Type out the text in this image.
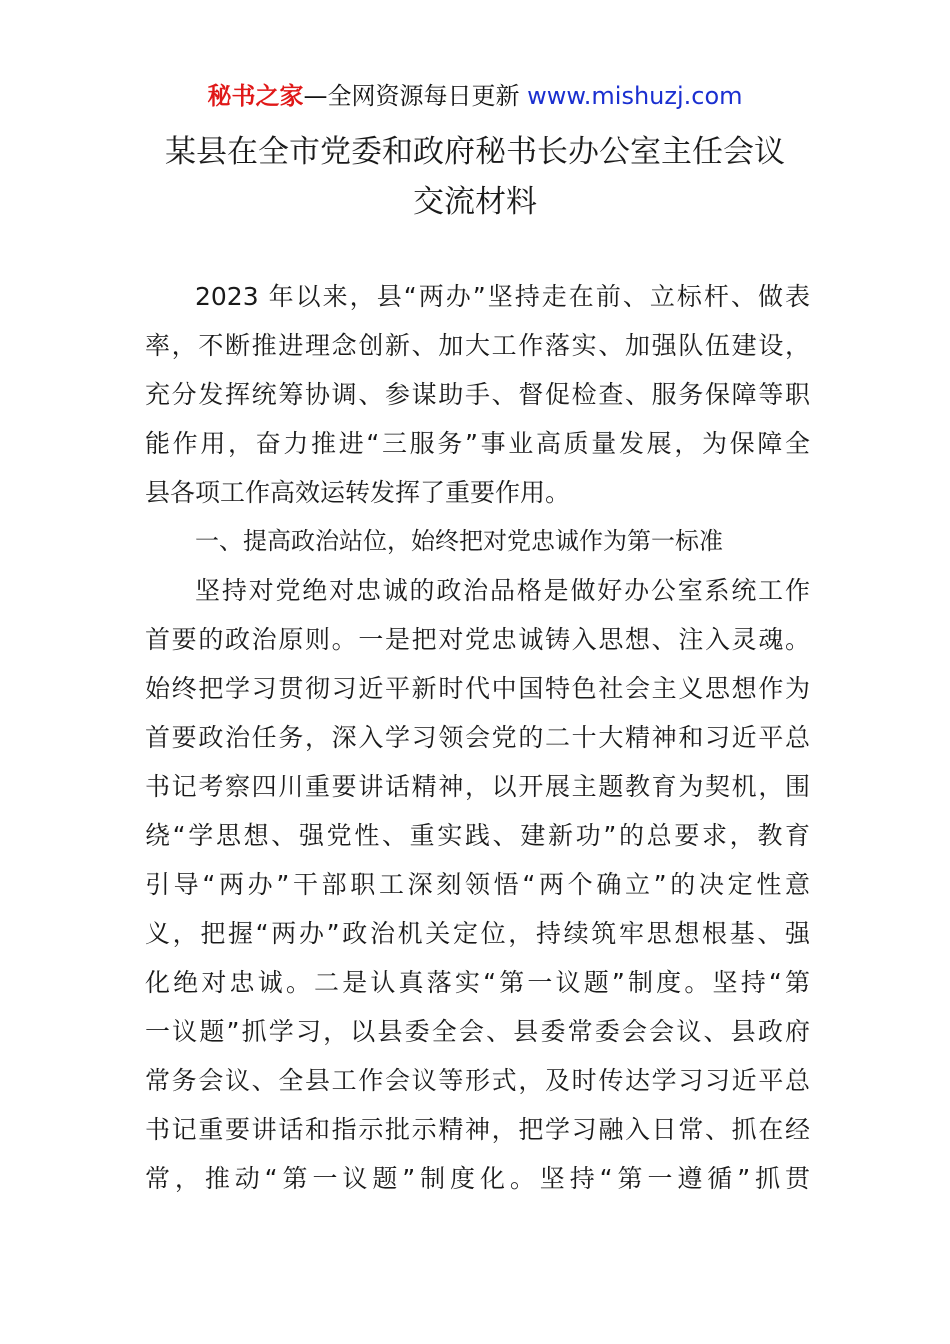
秘书之家—全网资源每日更新 www.mishuzj.com
某县在全市党委和政府秘书长办公室主任会议
交流材料
2023 年以来，县“两办”坚持走在前、立标杆、做表
率，不断推进理念创新、加大工作落实、加强队伍建设，
充分发挥统筹协调、参谋助手、督促检查、服务保障等职
能作用，奋力推进“三服务”事业高质量发展，为保障全
县各项工作高效运转发挥了重要作用。
一、提高政治站位，始终把对党忠诚作为第一标准
坚持对党绝对忠诚的政治品格是做好办公室系统工作
首要的政治原则。一是把对党忠诚铸入思想、注入灵魂。
始终把学习贯彻习近平新时代中国特色社会主义思想作为
首要政治任务，深入学习领会党的二十大精神和习近平总
书记考察四川重要讲话精神，以开展主题教育为契机，围
绕“学思想、强党性、重实践、建新功”的总要求，教育
引导“两办”干部职工深刻领悟“两个确立”的决定性意
义，把握“两办”政治机关定位，持续筑牢思想根基、强
化绝对忠诚。二是认真落实“第一议题”制度。坚持“第
一议题”抓学习，以县委全会、县委常委会会议、县政府
常务会议、全县工作会议等形式，及时传达学习习近平总
书记重要讲话和指示批示精神，把学习融入日常、抓在经
常，推动“第一议题”制度化。坚持“第一遵循”抓贯
